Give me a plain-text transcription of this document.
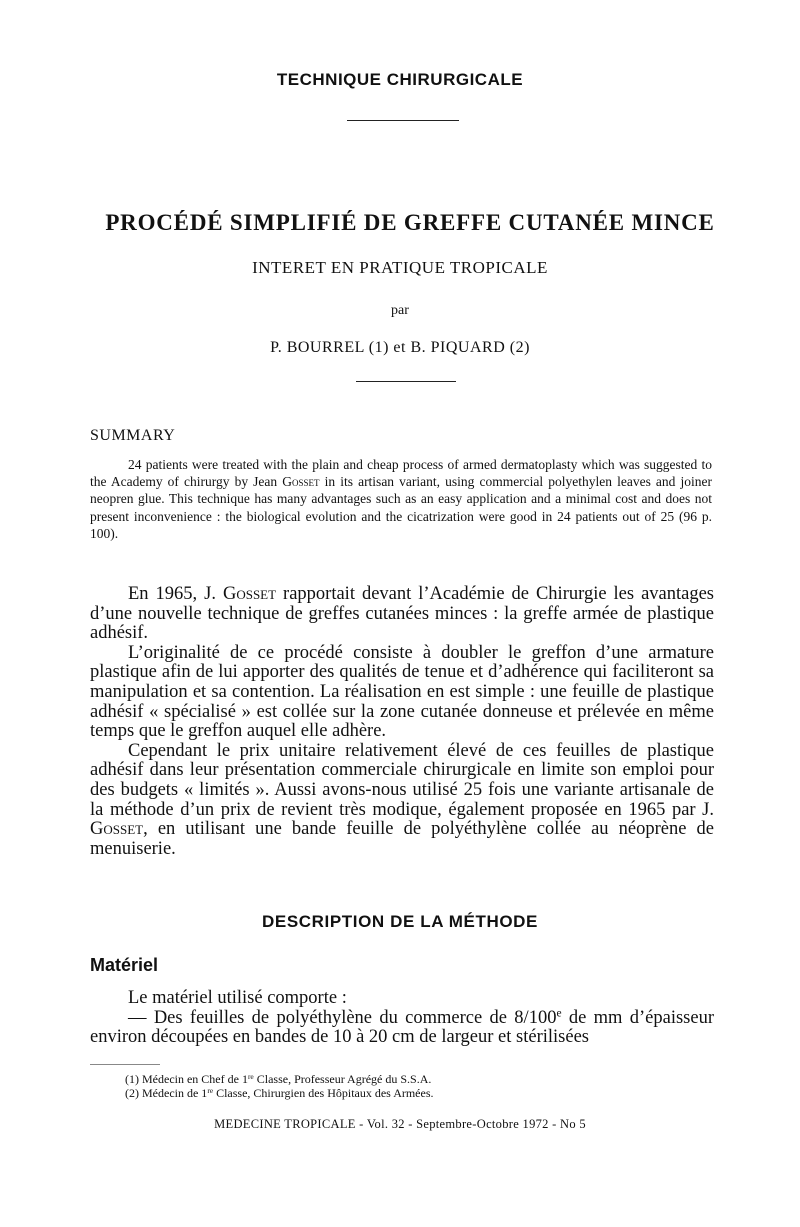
TECHNIQUE CHIRURGICALE
PROCÉDÉ SIMPLIFIÉ DE GREFFE CUTANÉE MINCE
INTERET EN PRATIQUE TROPICALE
par
P. BOURREL (1) et B. PIQUARD (2)
SUMMARY
24 patients were treated with the plain and cheap process of armed dermatoplasty which was suggested to the Academy of chirurgy by Jean Gosset in its artisan variant, using commercial polyethylen leaves and joiner neopren glue. This technique has many advantages such as an easy application and a minimal cost and does not present inconvenience : the biological evolution and the cicatrization were good in 24 patients out of 25 (96 p. 100).

En 1965, J. Gosset rapportait devant l’Académie de Chirurgie les avantages d’une nouvelle technique de greffes cutanées minces : la greffe armée de plastique adhésif.

L’originalité de ce procédé consiste à doubler le greffon d’une armature plastique afin de lui apporter des qualités de tenue et d’adhérence qui faciliteront sa manipulation et sa contention. La réalisation en est simple : une feuille de plastique adhésif « spécialisé » est collée sur la zone cutanée donneuse et prélevée en même temps que le greffon auquel elle adhère.

Cependant le prix unitaire relativement élevé de ces feuilles de plastique adhésif dans leur présentation commerciale chirurgicale en limite son emploi pour des budgets « limités ». Aussi avons-nous utilisé 25 fois une variante artisanale de la méthode d’un prix de revient très modique, également proposée en 1965 par J. Gosset, en utilisant une bande feuille de polyéthylène collée au néoprène de menuiserie.

DESCRIPTION DE LA MÉTHODE
Matériel

Le matériel utilisé comporte :

— Des feuilles de polyéthylène du commerce de 8/100e de mm d’épaisseur environ découpées en bandes de 10 à 20 cm de largeur et stérilisées

(1) Médecin en Chef de 1re Classe, Professeur Agrégé du S.S.A.
(2) Médecin de 1re Classe, Chirurgien des Hôpitaux des Armées.
MEDECINE TROPICALE - Vol. 32 - Septembre-Octobre 1972 - No 5
